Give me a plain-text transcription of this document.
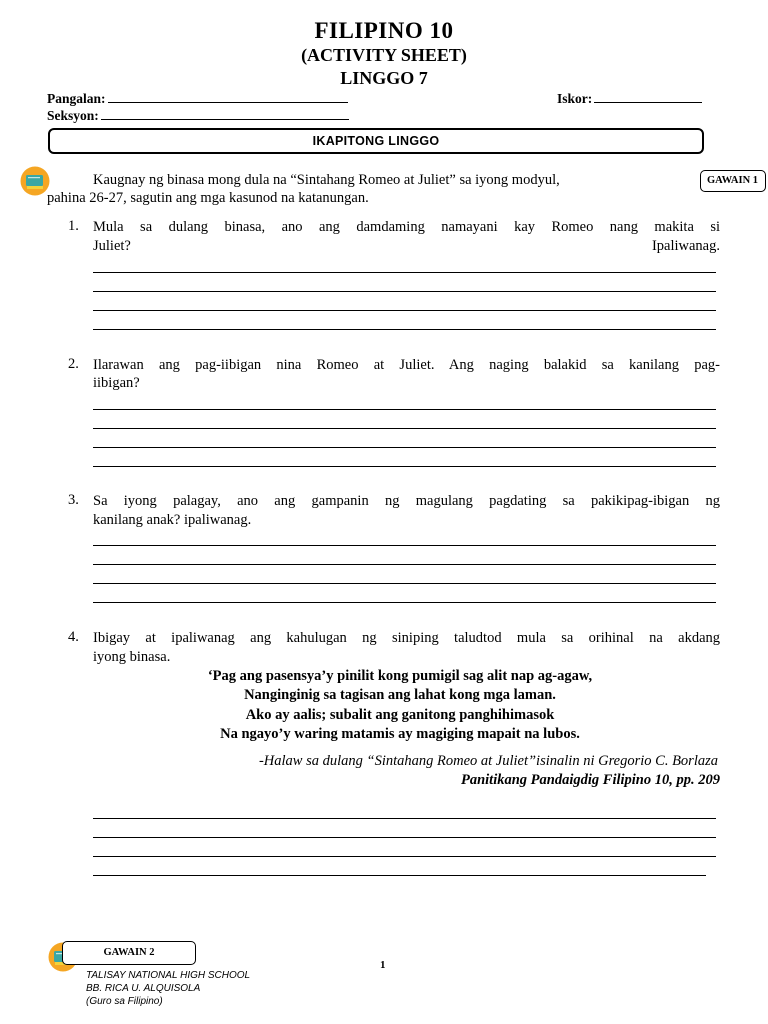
FILIPINO 10
(ACTIVITY SHEET)
LINGGO 7
Pangalan:
Seksyon:
Iskor:
IKAPITONG LINGGO
GAWAIN 1
Kaugnay ng binasa mong dula na “Sintahang Romeo at Juliet” sa iyong modyul,
pahina 26-27, sagutin ang mga kasunod na katanungan.
1. Mula sa dulang binasa, ano ang damdaming namayani kay Romeo nang makita si
Juliet?	Ipaliwanag.
2. Ilarawan ang pag-iibigan nina Romeo at Juliet. Ang naging balakid sa kanilang pag-
iibigan?
3. Sa iyong palagay, ano ang gampanin ng magulang pagdating sa pakikipag-ibigan ng
kanilang anak? ipaliwanag.
4. Ibigay at ipaliwanag ang kahulugan ng siniping taludtod mula sa orihinal na akdang
iyong binasa.
‘Pag ang pasensya’y pinilit kong pumigil sag alit nap ag-agaw,
Nanginginig sa tagisan ang lahat kong mga laman.
Ako ay aalis; subalit ang ganitong panghihimasok
Na ngayo’y waring matamis ay magiging mapait na lubos.
-Halaw sa dulang “Sintahang Romeo at Juliet”isinalin ni Gregorio C. Borlaza
Panitikang Pandaigdig Filipino 10, pp. 209
GAWAIN 2
1
TALISAY NATIONAL HIGH SCHOOL
BB. RICA U. ALQUISOLA
(Guro sa Filipino)
